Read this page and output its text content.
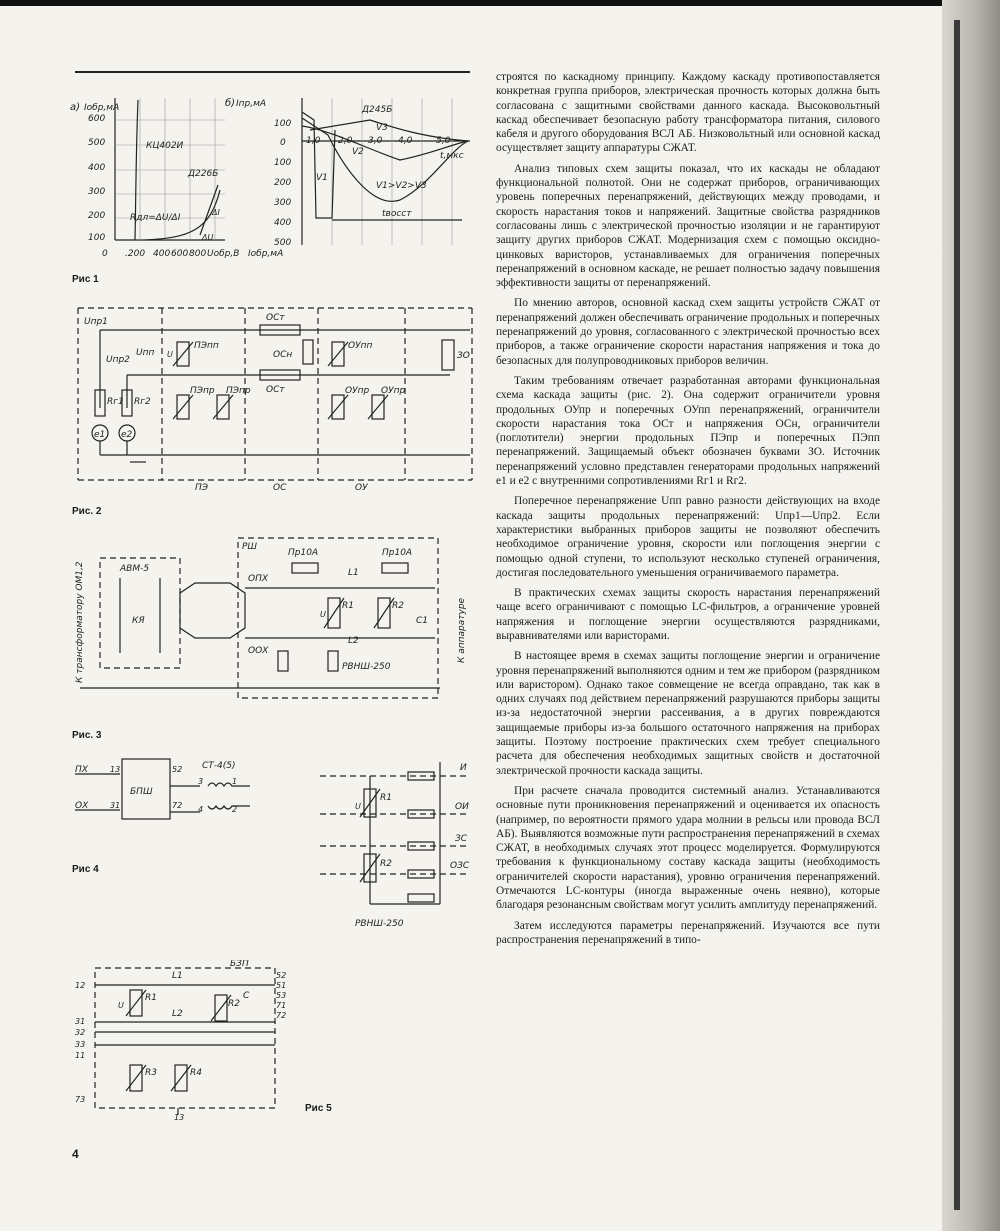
а) Iобр,мА
600
500
400
300
200
100
КЦ402И
Д226Б
Rдл=ΔU/ΔI
ΔI
ΔU
0 .200 400 600 800 Uобр,В
б) Iпр,мА
100
0
100
200
300
400
500
1,0 2,0 3,0 4,0	5,0
t,мкс
Д245Б
V2
V3
V1
V1>V2>V3
tвосст
Iобр,мА
Рис 1
Uпр1
Uпр2
Uпп
Rг1 Rг2
e1 e2
U
ПЭпп
ПЭпр ПЭпр
ОСт
ОСт
ОСн
ОУпп
ОУпр ОУпр
ЗО
ПЭ	ОС	ОУ
Рис. 2
К трансформатору ОМ1,2	К аппаратуре
АВМ-5
КЯ
РШ
Пр10А	Пр10А
ОПХ
ООХ
L1
L2
R1	R2
C1
U
РВНШ-250
Рис. 3
ПХ
ОХ
13
31
БПШ
52
72
СТ-4(5)
3	1
4	2
И
ОИ
ЗС
ОЗС
R1
R2
U
РВНШ-250
Рис 4
БЗП
L1
L2
R1
R2
R3	R4
C
U
12
31
32
33
11
73
52
51
53
71
72
13
Рис 5
4

строятся по каскадному принципу. Каждому каскаду противопоставляется конкретная группа приборов, электрическая прочность которых должна быть согласована с защитными свойствами данного каскада. Высоковольтный каскад обеспечивает безопасную работу трансформатора питания, силового кабеля и другого оборудования ВСЛ АБ. Низковольтный или основной каскад осуществляет защиту аппаратуры СЖАТ.

Анализ типовых схем защиты показал, что их каскады не обладают функциональной полнотой. Они не содержат приборов, ограничивающих уровень поперечных перенапряжений, действующих между проводами, и скорость нарастания токов и напряжений. Защитные свойства разрядников согласованы лишь с электрической прочностью изоляции и не гарантируют защиту других приборов СЖАТ. Модернизация схем с помощью оксидно-цинковых варисторов, устанавливаемых для ограничения поперечных перенапряжений в основном каскаде, не решает полностью задачу повышения эффективности защиты от перенапряжений.

По мнению авторов, основной каскад схем защиты устройств СЖАТ от перенапряжений должен обеспечивать ограничение продольных и поперечных перенапряжений до уровня, согласованного с электрической прочностью всех приборов, а также ограничение скорости нарастания напряжения и тока до безопасных для полупроводниковых приборов величин.

Таким требованиям отвечает разработанная авторами функциональная схема каскада защиты (рис. 2). Она содержит ограничители уровня продольных ОУпр и поперечных ОУпп перенапряжений, ограничители скорости нарастания тока ОСт и напряжения ОСн, ограничители (поглотители) энергии продольных ПЭпр и поперечных ПЭпп перенапряжений. Защищаемый объект обозначен буквами ЗО. Источник перенапряжений условно представлен генераторами продольных напряжений e1 и e2 с внутренними сопротивлениями Rг1 и Rг2.

Поперечное перенапряжение Uпп равно разности действующих на входе каскада защиты продольных перенапряжений: Uпр1—Uпр2. Если характеристики выбранных приборов защиты не позволяют обеспечить необходимое ограничение уровня, скорости или поглощения энергии с помощью одной ступени, то используют несколько ступеней ограничения, достигая последовательного уменьшения ограничиваемого параметра.

В практических схемах защиты скорость нарастания перенапряжений чаще всего ограничивают с помощью LC-фильтров, а ограничение уровней напряжения и поглощение энергии осуществляются разрядниками, выравнивателями или варисторами.

В настоящее время в схемах защиты поглощение энергии и ограничение уровня перенапряжений выполняются одним и тем же прибором (разрядником или варистором). Однако такое совмещение не всегда оправдано, так как в одних случаях под действием перенапряжений разрушаются приборы защиты из-за недостаточной энергии рассеивания, а в других повреждаются защищаемые приборы из-за большого остаточного напряжения на приборах защиты. Поэтому построение практических схем требует специального расчета для обеспечения необходимых защитных свойств и достаточной электрической прочности каскада защиты.

При расчете сначала проводится системный анализ. Устанавливаются основные пути проникновения перенапряжений и оценивается их опасность (например, по вероятности прямого удара молнии в рельсы или провода ВСЛ АБ). Выявляются возможные пути распространения перенапряжений в схемах СЖАТ, в необходимых случаях этот процесс моделируется. Формулируются требования к функциональному составу каскада защиты (необходимость ограничителей скорости нарастания), уровню ограничения перенапряжений. Отмечаются LC-контуры (иногда выраженные очень неявно), которые благодаря резонансным свойствам могут усилить амплитуду перенапряжений.

Затем исследуются параметры перенапряжений. Изучаются все пути распространения перенапряжений в типо-
